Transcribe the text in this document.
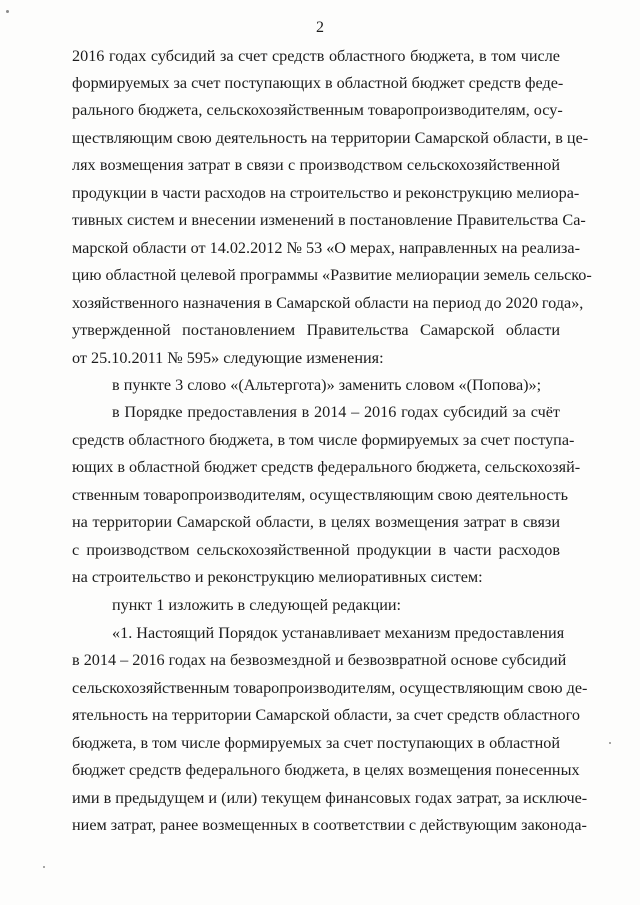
2
2016 годах субсидий за счет средств областного бюджета, в том числе
формируемых за счет поступающих в областной бюджет средств феде-
рального бюджета, сельскохозяйственным товаропроизводителям, осу-
ществляющим свою деятельность на территории Самарской области, в це-
лях возмещения затрат в связи с производством сельскохозяйственной
продукции в части расходов на строительство и реконструкцию мелиора-
тивных систем и внесении изменений в постановление Правительства Са-
марской области от 14.02.2012 № 53 «О мерах, направленных на реализа-
цию областной целевой программы «Развитие мелиорации земель сельско-
хозяйственного назначения в Самарской области на период до 2020 года»,
утвержденной постановлением Правительства Самарской области
от 25.10.2011 № 595» следующие изменения:
в пункте 3 слово «(Альтергота)» заменить словом «(Попова)»;
в Порядке предоставления в 2014 – 2016 годах субсидий за счёт
средств областного бюджета, в том числе формируемых за счет поступа-
ющих в областной бюджет средств федерального бюджета, сельскохозяй-
ственным товаропроизводителям, осуществляющим свою деятельность
на территории Самарской области, в целях возмещения затрат в связи
с производством сельскохозяйственной продукции в части расходов
на строительство и реконструкцию мелиоративных систем:
пункт 1 изложить в следующей редакции:
«1. Настоящий Порядок устанавливает механизм предоставления
в 2014 – 2016 годах на безвозмездной и безвозвратной основе субсидий
сельскохозяйственным товаропроизводителям, осуществляющим свою де-
ятельность на территории Самарской области, за счет средств областного
бюджета, в том числе формируемых за счет поступающих в областной
бюджет средств федерального бюджета, в целях возмещения понесенных
ими в предыдущем и (или) текущем финансовых годах затрат, за исключе-
нием затрат, ранее возмещенных в соответствии с действующим законода-
